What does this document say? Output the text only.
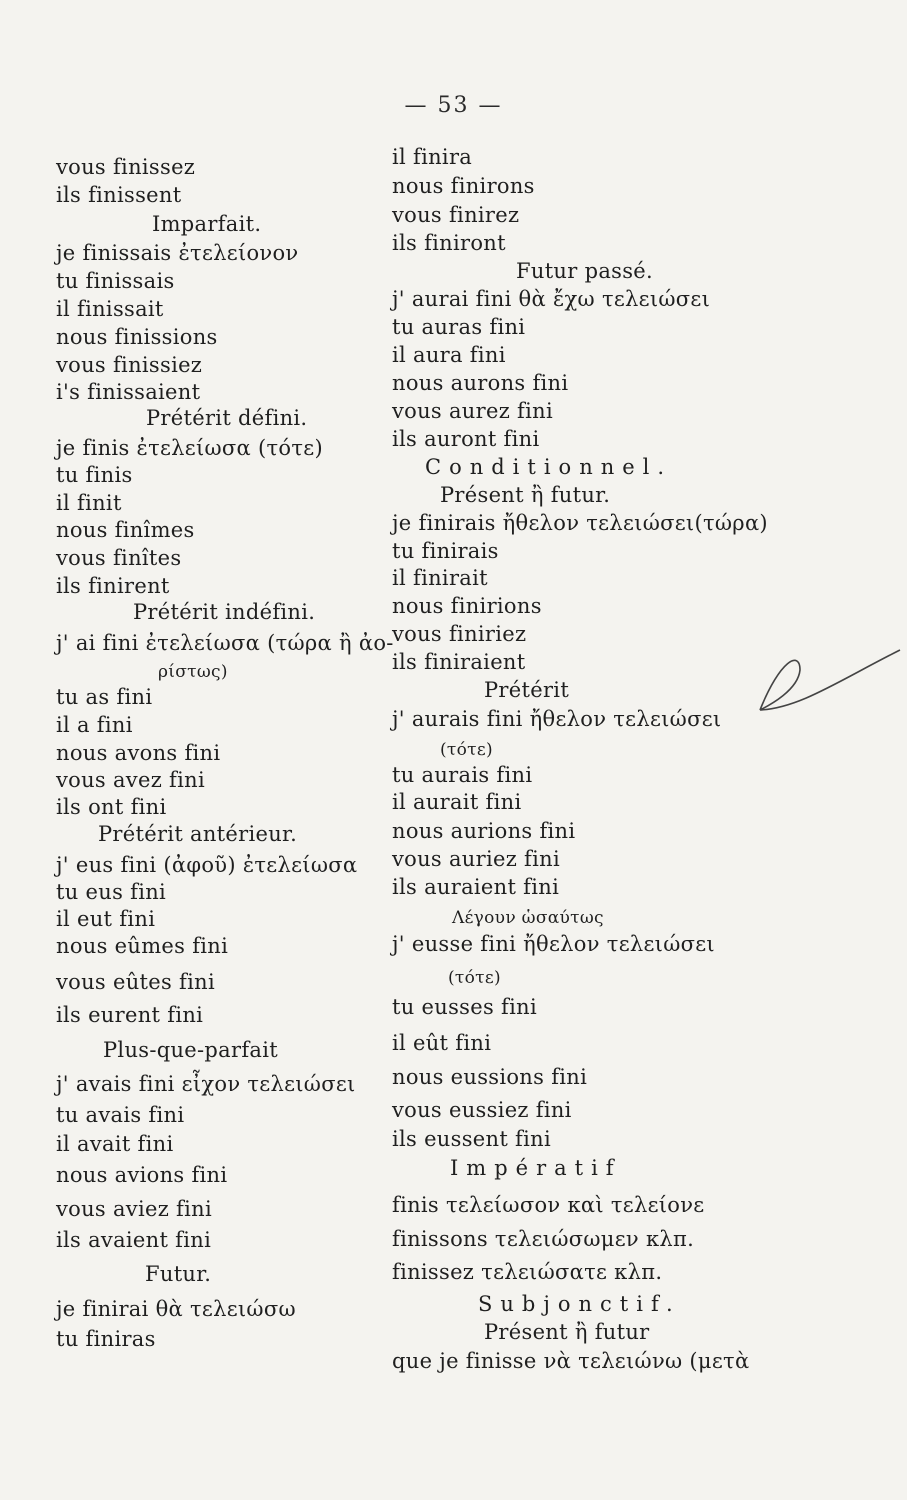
— 53 —
vous finissez
ils finissent
Imparfait.
je finissais ἐτελείονον
tu finissais
il finissait
nous finissions
vous finissiez
i's finissaient
Prétérit défini.
je finis ἐτελείωσα (τότε)
tu finis
il finit
nous finîmes
vous finîtes
ils finirent
Prétérit indéfini.
j' ai fini ἐτελείωσα (τώρα ἢ ἀο-
ρίστως)
tu as fini
il a fini
nous avons fini
vous avez fini
ils ont fini
Prétérit antérieur.
j' eus fini (ἀφοῦ) ἐτελείωσα
tu eus fini
il eut fini
nous eûmes fini
vous eûtes fini
ils eurent fini
Plus-que-parfait
j' avais fini εἶχον τελειώσει
tu avais fini
il avait fini
nous avions fini
vous aviez fini
ils avaient fini
Futur.
je finirai θὰ τελειώσω
tu finiras
il finira
nous finirons
vous finirez
ils finiront
Futur passé.
j' aurai fini θὰ ἔχω τελειώσει
tu auras fini
il aura fini
nous aurons fini
vous aurez fini
ils auront fini
Conditionnel.
Présent ἢ futur.
je finirais ἤθελον τελειώσει(τώρα)
tu finirais
il finirait
nous finirions
vous finiriez
ils finiraient
Prétérit
j' aurais fini ἤθελον τελειώσει
(τότε)
tu aurais fini
il aurait fini
nous aurions fini
vous auriez fini
ils auraient fini
Λέγουν ὡσαύτως
j' eusse fini ἤθελον τελειώσει
(τότε)
tu eusses fini
il eût fini
nous eussions fini
vous eussiez fini
ils eussent fini
Impératif
finis τελείωσον καὶ τελείονε
finissons τελειώσωμεν κλπ.
finissez τελειώσατε κλπ.
Subjonctif.
Présent ἢ futur
que je finisse νὰ τελειώνω (μετὰ
